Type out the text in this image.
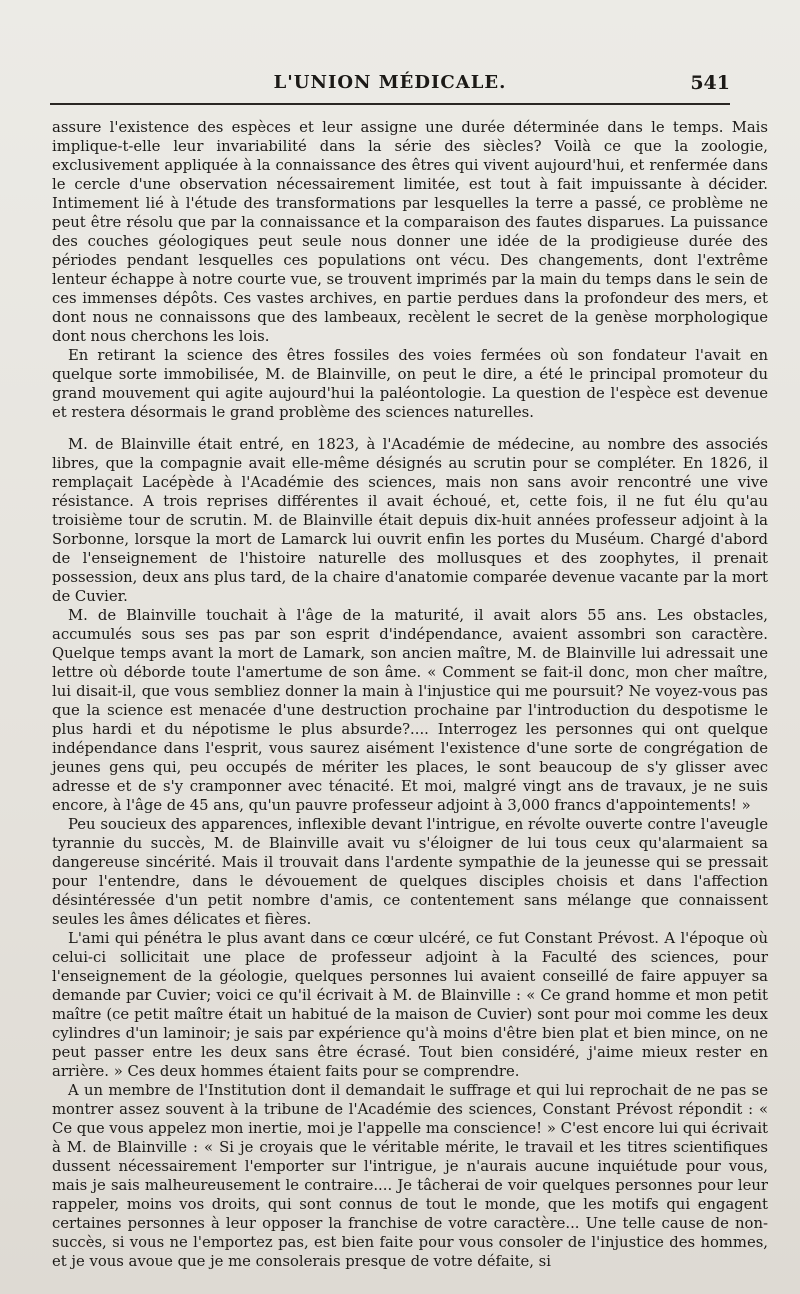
L'UNION MÉDICALE.	541

assure l'existence des espèces et leur assigne une durée déterminée dans le temps. Mais implique-t-elle leur invariabilité dans la série des siècles? Voilà ce que la zoologie, exclusivement appliquée à la connaissance des êtres qui vivent aujourd'hui, et renfermée dans le cercle d'une observation nécessairement limitée, est tout à fait impuissante à décider. Intimement lié à l'étude des transformations par lesquelles la terre a passé, ce problème ne peut être résolu que par la connaissance et la comparaison des fautes disparues. La puissance des couches géologiques peut seule nous donner une idée de la prodigieuse durée des périodes pendant lesquelles ces populations ont vécu. Des changements, dont l'extrême lenteur échappe à notre courte vue, se trouvent imprimés par la main du temps dans le sein de ces immenses dépôts. Ces vastes archives, en partie perdues dans la profondeur des mers, et dont nous ne connaissons que des lambeaux, recèlent le secret de la genèse morphologique dont nous cherchons les lois.

En retirant la science des êtres fossiles des voies fermées où son fondateur l'avait en quelque sorte immobilisée, M. de Blainville, on peut le dire, a été le principal promoteur du grand mouvement qui agite aujourd'hui la paléontologie. La question de l'espèce est devenue et restera désormais le grand problème des sciences naturelles.

M. de Blainville était entré, en 1823, à l'Académie de médecine, au nombre des associés libres, que la compagnie avait elle-même désignés au scrutin pour se compléter. En 1826, il remplaçait Lacépède à l'Académie des sciences, mais non sans avoir rencontré une vive résistance. A trois reprises différentes il avait échoué, et, cette fois, il ne fut élu qu'au troisième tour de scrutin. M. de Blainville était depuis dix-huit années professeur adjoint à la Sorbonne, lorsque la mort de Lamarck lui ouvrit enfin les portes du Muséum. Chargé d'abord de l'enseignement de l'histoire naturelle des mollusques et des zoophytes, il prenait possession, deux ans plus tard, de la chaire d'anatomie comparée devenue vacante par la mort de Cuvier.

M. de Blainville touchait à l'âge de la maturité, il avait alors 55 ans. Les obstacles, accumulés sous ses pas par son esprit d'indépendance, avaient assombri son caractère. Quelque temps avant la mort de Lamark, son ancien maître, M. de Blainville lui adressait une lettre où déborde toute l'amertume de son âme. « Comment se fait-il donc, mon cher maître, lui disait-il, que vous sembliez donner la main à l'injustice qui me poursuit? Ne voyez-vous pas que la science est menacée d'une destruction prochaine par l'introduction du despotisme le plus hardi et du népotisme le plus absurde?.... Interrogez les personnes qui ont quelque indépendance dans l'esprit, vous saurez aisément l'existence d'une sorte de congrégation de jeunes gens qui, peu occupés de mériter les places, le sont beaucoup de s'y glisser avec adresse et de s'y cramponner avec ténacité. Et moi, malgré vingt ans de travaux, je ne suis encore, à l'âge de 45 ans, qu'un pauvre professeur adjoint à 3,000 francs d'appointements! »

Peu soucieux des apparences, inflexible devant l'intrigue, en révolte ouverte contre l'aveugle tyrannie du succès, M. de Blainville avait vu s'éloigner de lui tous ceux qu'alarmaient sa dangereuse sincérité. Mais il trouvait dans l'ardente sympathie de la jeunesse qui se pressait pour l'entendre, dans le dévouement de quelques disciples choisis et dans l'affection désintéressée d'un petit nombre d'amis, ce contentement sans mélange que connaissent seules les âmes délicates et fières.

L'ami qui pénétra le plus avant dans ce cœur ulcéré, ce fut Constant Prévost. A l'époque où celui-ci sollicitait une place de professeur adjoint à la Faculté des sciences, pour l'enseignement de la géologie, quelques personnes lui avaient conseillé de faire appuyer sa demande par Cuvier; voici ce qu'il écrivait à M. de Blainville : « Ce grand homme et mon petit maître (ce petit maître était un habitué de la maison de Cuvier) sont pour moi comme les deux cylindres d'un laminoir; je sais par expérience qu'à moins d'être bien plat et bien mince, on ne peut passer entre les deux sans être écrasé. Tout bien considéré, j'aime mieux rester en arrière. » Ces deux hommes étaient faits pour se comprendre.

A un membre de l'Institution dont il demandait le suffrage et qui lui reprochait de ne pas se montrer assez souvent à la tribune de l'Académie des sciences, Constant Prévost répondit : « Ce que vous appelez mon inertie, moi je l'appelle ma conscience! » C'est encore lui qui écrivait à M. de Blainville : « Si je croyais que le véritable mérite, le travail et les titres scientifiques dussent nécessairement l'emporter sur l'intrigue, je n'aurais aucune inquiétude pour vous, mais je sais malheureusement le contraire.... Je tâcherai de voir quelques personnes pour leur rappeler, moins vos droits, qui sont connus de tout le monde, que les motifs qui engagent certaines personnes à leur opposer la franchise de votre caractère... Une telle cause de non-succès, si vous ne l'emportez pas, est bien faite pour vous consoler de l'injustice des hommes, et je vous avoue que je me consolerais presque de votre défaite, si
